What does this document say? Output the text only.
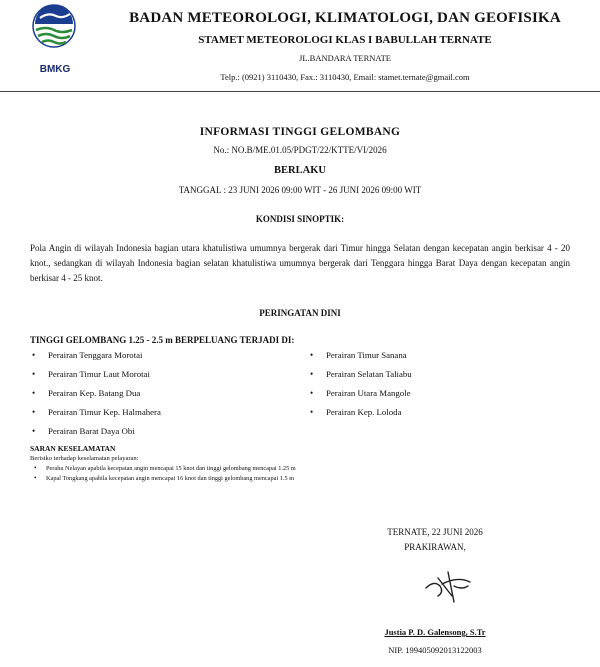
BMKG
BADAN METEOROLOGI, KLIMATOLOGI, DAN GEOFISIKA
STAMET METEOROLOGI KLAS I BABULLAH TERNATE
JL.BANDARA TERNATE
Telp.: (0921) 3110430, Fax.: 3110430, Email: stamet.ternate@gmail.com
INFORMASI TINGGI GELOMBANG
No.: NO.B/ME.01.05/PDGT/22/KTTE/VI/2026
BERLAKU
TANGGAL : 23 JUNI 2026 09:00 WIT - 26 JUNI 2026 09:00 WIT
KONDISI SINOPTIK:

Pola Angin di wilayah Indonesia bagian utara khatulistiwa umumnya bergerak dari Timur hingga Selatan dengan kecepatan angin berkisar 4 - 20 knot., sedangkan di wilayah Indonesia bagian selatan khatulistiwa umumnya bergerak dari Tenggara hingga Barat Daya dengan kecepatan angin berkisar 4 - 25 knot.

PERINGATAN DINI
TINGGI GELOMBANG 1.25 - 2.5 m BERPELUANG TERJADI DI:
• Perairan Tenggara Morotai
• Perairan Timur Laut Morotai
• Perairan Kep. Batang Dua
• Perairan Timur Kep. Halmahera
• Perairan Barat Daya Obi
• Perairan Timur Sanana
• Perairan Selatan Taliabu
• Perairan Utara Mangole
• Perairan Kep. Loloda
SARAN KESELAMATAN
Berisiko terhadap keselamatan pelayaran:
• Perahu Nelayan apabila kecepatan angin mencapai 15 knot dan tinggi gelombang mencapai 1.25 m
• Kapal Tongkang apabila kecepatan angin mencapai 16 knot dan tinggi gelombang mencapai 1.5 m
TERNATE, 22 JUNI 2026
PRAKIRAWAN,
Justia P. D. Galensong, S.Tr
NIP. 199405092013122003
